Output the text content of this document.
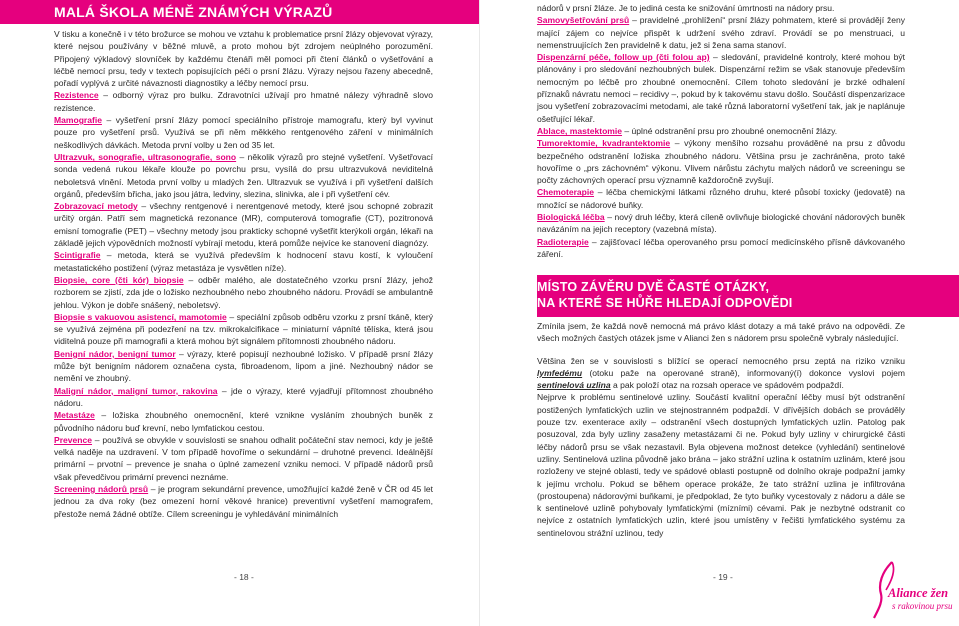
MALÁ ŠKOLA MÉNĚ ZNÁMÝCH VÝRAZŮ

V tisku a konečně i v této brožurce se mohou ve vztahu k problematice prsní žlázy objevovat výrazy, které nejsou používány v běžné mluvě, a proto mohou být zdrojem neúplného porozumění. Připojený výkladový slovníček by každému čtenáři měl pomoci při čtení článků o vyšetřování a léčbě nemocí prsu, tedy v textech popisujících péči o prsní žlázu. Výrazy nejsou řazeny abecedně, pořadí vyplývá z určité návaznosti diagnostiky a léčby nemocí prsu.

Rezistence – odborný výraz pro bulku. Zdravotníci užívají pro hmatné nálezy výhradně slovo rezistence.

Mamografie – vyšetření prsní žlázy pomocí speciálního přístroje mamografu, který byl vyvinut pouze pro vyšetření prsů. Využívá se při něm měkkého rentgenového záření v minimálních neškodlivých dávkách. Metoda první volby u žen od 35 let.

Ultrazvuk, sonografie, ultrasonografie, sono – několik výrazů pro stejné vyšetření. Vyšetřovací sonda vedená rukou lékaře klouže po povrchu prsu, vysílá do prsu ultrazvuková neviditelná neboletsvá vlnění. Metoda první volby u mladých žen. Ultrazvuk se využívá i při vyšetření dalších orgánů, především břicha, jako jsou játra, ledviny, slezina, slinivka, ale i při vyšetření cév.

Zobrazovací metody – všechny rentgenové i nerentgenové metody, které jsou schopné zobrazit určitý orgán. Patří sem magnetická rezonance (MR), computerová tomografie (CT), pozitronová emisní tomografie (PET) – všechny metody jsou prakticky schopné vyšetřit kterýkoli orgán, lékaři na základě jejich výpovědních možností vybírají metodu, která pomůže nejvíce ke stanovení diagnózy.

Scintigrafie – metoda, která se využívá především k hodnocení stavu kostí, k vyloučení metastatického postižení (výraz metastáza je vysvětlen níže).

Biopsie, core (čti kór) biopsie – odběr malého, ale dostatečného vzorku prsní žlázy, jehož rozborem se zjistí, zda jde o ložisko nezhoubného nebo zhoubného nádoru. Provádí se ambulantně jehlou. Výkon je dobře snášený, neboletsvý.

Biopsie s vakuovou asistencí, mamotomie – speciální způsob odběru vzorku z prsní tkáně, který se využívá zejména při podezření na tzv. mikrokalcifikace – miniaturní vápníté tělíska, která jsou viditelná pouze při mamografii a která mohou být signálem přítomnosti zhoubného nádoru.

Benigní nádor, benigní tumor – výrazy, které popisují nezhoubné ložisko. V případě prsní žlázy může být benigním nádorem označena cysta, fibroadenom, lipom a jiné. Nezhoubný nádor se nemění ve zhoubný.

Maligní nádor, maligní tumor, rakovina – jde o výrazy, které vyjadřují přítomnost zhoubného nádoru.

Metastáze – ložiska zhoubného onemocnění, které vznikne vysláním zhoubných buněk z původního nádoru buď krevní, nebo lymfatickou cestou.

Prevence – používá se obvykle v souvislosti se snahou odhalit počáteční stav nemoci, kdy je ještě velká naděje na uzdravení. V tom případě hovoříme o sekundární – druhotné prevenci. Ideálnější primární – prvotní – prevence je snaha o úplné zamezení vzniku nemoci. V případě nádorů prsů však převedčivou primární prevenci neznáme.

Screening nádorů prsů – je program sekundární prevence, umožňující každé ženě v ČR od 45 let jednou za dva roky (bez omezení horní věkové hranice) preventivní vyšetření mamografem, přestože nemá žádné obtíže. Cílem screeningu je vyhledávání minimálních

- 18 -

nádorů v prsní žláze. Je to jediná cesta ke snižování úmrtnosti na nádory prsu.

Samovyšetřování prsů – pravidelné „prohlížení“ prsní žlázy pohmatem, které si provádějí ženy mající zájem co nejvíce přispět k udržení svého zdraví. Provádí se po menstruaci, u nemenstruujících žen pravidelně k datu, jež si žena sama stanoví.

Dispenzární péče, follow up (čti folou ap) – sledování, pravidelné kontroly, které mohou být plánovány i pro sledování nezhoubných bulek. Dispenzární režim se však stanovuje především nemocným po léčbě pro zhoubné onemocnění. Cílem tohoto sledování je brzké odhalení příznaků návratu nemoci – recidivy –, pokud by k takovému stavu došlo. Součástí dispenzarizace jsou vyšetření zobrazovacími metodami, ale také různá laboratorní vyšetření tak, jak je naplánuje ošetřující lékař.

Ablace, mastektomie – úplné odstranění prsu pro zhoubné onemocnění žlázy.

Tumorektomie, kvadrantektomie – výkony menšího rozsahu prováděné na prsu z důvodu bezpečného odstranění ložiska zhoubného nádoru. Většina prsu je zachráněna, proto také hovoříme o „prs záchovném“ výkonu. Vlivem nárůstu záchytu malých nádorů ve screeningu se počty záchovných operací prsu významně každoročně zvyšují.

Chemoterapie – léčba chemickými látkami různého druhu, které působí toxicky (jedovatě) na množící se nádorové buňky.

Biologická léčba – nový druh léčby, která cíleně ovlivňuje biologické chování nádorových buněk navázáním na jejich receptory (vazebná místa).

Radioterapie – zajišťovací léčba operovaného prsu pomocí medicínského přísně dávkovaného záření.

MÍSTO ZÁVĚRU DVĚ ČASTÉ OTÁZKY,
NA KTERÉ SE HŮŘE HLEDAJÍ ODPOVĚDI

Zmínila jsem, že každá nově nemocná má právo klást dotazy a má také právo na odpovědi. Ze všech možných častých otázek jsme v Alianci žen s nádorem prsu společně vybraly následující.

Většina žen se v souvislosti s blížící se operací nemocného prsu zeptá na riziko vzniku lymfedému (otoku paže na operované straně), informovaný(í) dokonce vyslovi pojem sentinelová uzlina a pak položí otaz na rozsah operace ve spádovém podpaždí.

Nejprve k problému sentinelové uzliny. Součástí kvalitní operační léčby musí být odstranění postižených lymfatických uzlin ve stejnostranném podpaždí. V dřívějších dobách se prováděly pouze tzv. exenterace axily – odstranění všech dostupných lymfatických uzlin. Patolog pak posuzoval, zda byly uzliny zasaženy metastázami či ne. Pokud byly uzliny v chirurgické části léčby nádorů prsu se však nezastavil. Byla objevena možnost detekce (vyhledání) sentinelové uzliny. Sentinelová uzlina původně jako brána – jako strážní uzlina k ostatním uzlinám, které jsou rozloženy ve stejné oblasti, tedy ve spádové oblasti postupně od dolního okraje podpažní jamky k jejímu vrcholu. Pokud se během operace prokáže, že tato strážní uzlina je infiltrována (prostoupena) nádorovými buňkami, je předpoklad, že tyto buňky vycestovaly z nádoru a dále se k sentinelové uzlině pohybovaly lymfatickými (mízními) cévami. Pak je nezbytné odstranit co nejvíce z ostatních lymfatických uzlin, které jsou umístěny v řečišti lymfatického systému za sentinelovou strážní uzlinou, tedy

- 19 -
Aliance žen
s rakovinou prsu
